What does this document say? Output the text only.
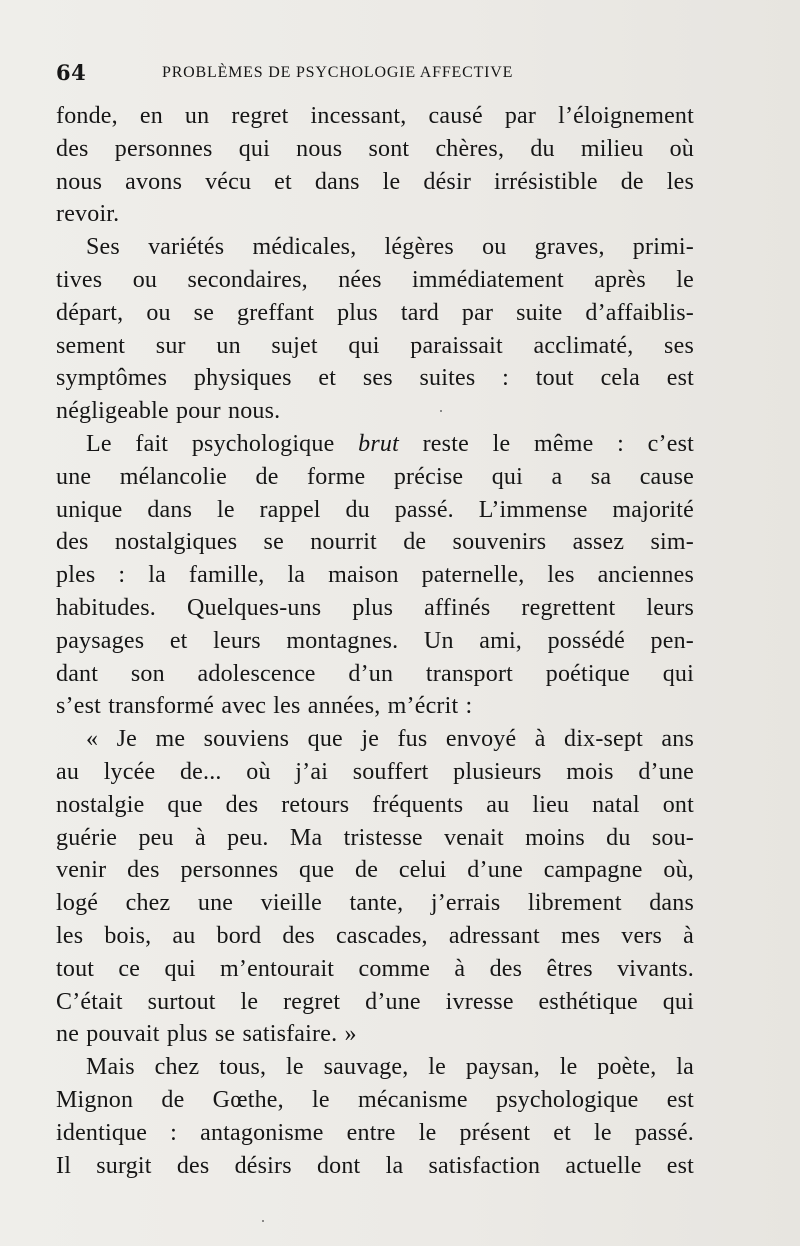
64	PROBLÈMES DE PSYCHOLOGIE AFFECTIVE
fonde, en un regret incessant, causé par l’éloignement
des personnes qui nous sont chères, du milieu où
nous avons vécu et dans le désir irrésistible de les
revoir.
Ses variétés médicales, légères ou graves, primi-
tives ou secondaires, nées immédiatement après le
départ, ou se greffant plus tard par suite d’affaiblis-
sement sur un sujet qui paraissait acclimaté, ses
symptômes physiques et ses suites : tout cela est
négligeable pour nous.
Le fait psychologique brut reste le même : c’est
une mélancolie de forme précise qui a sa cause
unique dans le rappel du passé. L’immense majorité
des nostalgiques se nourrit de souvenirs assez sim-
ples : la famille, la maison paternelle, les anciennes
habitudes. Quelques-uns plus affinés regrettent leurs
paysages et leurs montagnes. Un ami, possédé pen-
dant son adolescence d’un transport poétique qui
s’est transformé avec les années, m’écrit :
« Je me souviens que je fus envoyé à dix-sept ans
au lycée de... où j’ai souffert plusieurs mois d’une
nostalgie que des retours fréquents au lieu natal ont
guérie peu à peu. Ma tristesse venait moins du sou-
venir des personnes que de celui d’une campagne où,
logé chez une vieille tante, j’errais librement dans
les bois, au bord des cascades, adressant mes vers à
tout ce qui m’entourait comme à des êtres vivants.
C’était surtout le regret d’une ivresse esthétique qui
ne pouvait plus se satisfaire. »
Mais chez tous, le sauvage, le paysan, le poète, la
Mignon de Gœthe, le mécanisme psychologique est
identique : antagonisme entre le présent et le passé.
Il surgit des désirs dont la satisfaction actuelle est
